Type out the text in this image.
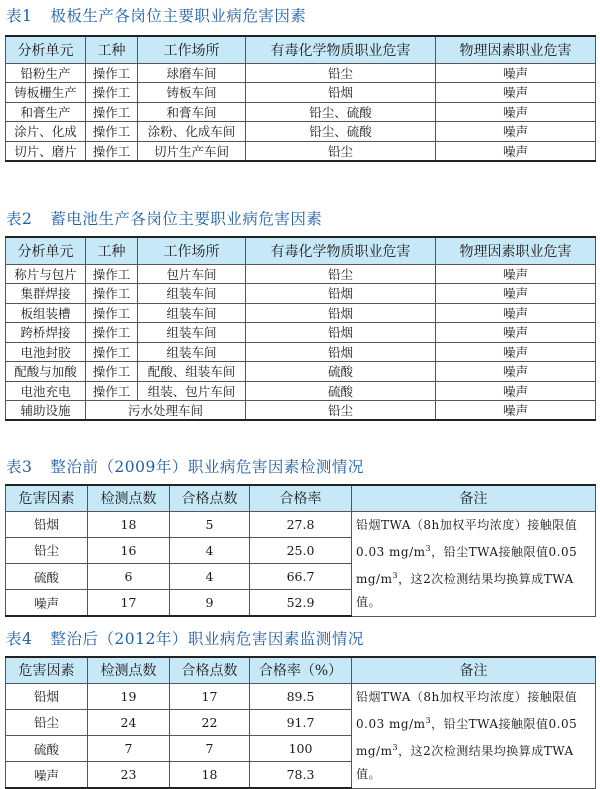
表1 极板生产各岗位主要职业病危害因素
分析单元	工种	工作场所	有毒化学物质职业危害	物理因素职业危害
铅粉生产	操作工	球磨车间	铅尘	噪声
铸板栅生产	操作工	铸板车间	铅烟	噪声
和膏生产	操作工	和膏车间	铅尘、硫酸	噪声
涂片、化成	操作工	涂粉、化成车间	铅尘、硫酸	噪声
切片、磨片	操作工	切片生产车间	铅尘	噪声
表2 蓄电池生产各岗位主要职业病危害因素
分析单元	工种	工作场所	有毒化学物质职业危害	物理因素职业危害
称片与包片	操作工	包片车间	铅尘	噪声
集群焊接	操作工	组装车间	铅烟	噪声
板组装槽	操作工	组装车间	铅烟	噪声
跨桥焊接	操作工	组装车间	铅烟	噪声
电池封胶	操作工	组装车间	铅烟	噪声
配酸与加酸	操作工	配酸、组装车间	硫酸	噪声
电池充电	操作工	组装、包片车间	硫酸	噪声
辅助设施	污水处理车间		铅尘	噪声
表3 整治前（2009年）职业病危害因素检测情况
危害因素	检测点数	合格点数	合格率	备注
铅烟	18	5	27.8	铅烟TWA（8h加权平均浓度）接触限值0.03 $mg/m^3$，铅尘TWA接触限值0.05 $mg/m^3$，这2次检测结果均换算成TWA值。
铅尘	16	4	25.0	
硫酸	6	4	66.7	
噪声	17	9	52.9	
表4 整治后（2012年）职业病危害因素监测情况
危害因素	检测点数	合格点数	合格率（%）	备注
铅烟	19	17	89.5	铅烟TWA（8h加权平均浓度）接触限值0.03 $mg/m^3$，铅尘TWA接触限值0.05 $mg/m^3$，这2次检测结果均换算成TWA值。
铅尘	24	22	91.7	
硫酸	7	7	100	
噪声	23	18	78.3	
